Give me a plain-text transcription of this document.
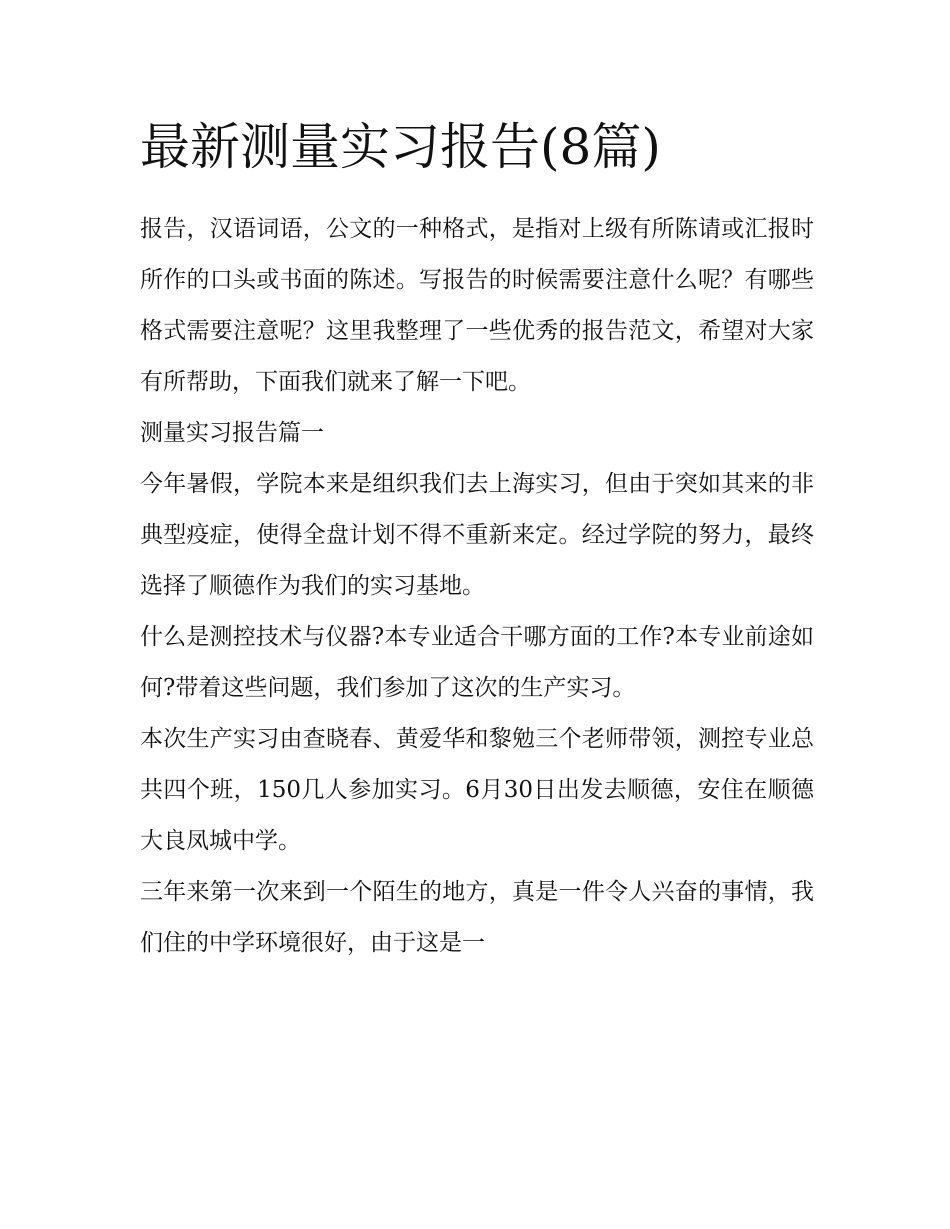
最新测量实习报告(8篇)

报告，汉语词语，公文的一种格式，是指对上级有所陈请或汇报时所作的口头或书面的陈述。写报告的时候需要注意什么呢？有哪些格式需要注意呢？这里我整理了一些优秀的报告范文，希望对大家有所帮助，下面我们就来了解一下吧。

测量实习报告篇一

今年暑假，学院本来是组织我们去上海实习，但由于突如其来的非典型疫症，使得全盘计划不得不重新来定。经过学院的努力，最终选择了顺德作为我们的实习基地。

什么是测控技术与仪器?本专业适合干哪方面的工作?本专业前途如何?带着这些问题，我们参加了这次的生产实习。

本次生产实习由查晓春、黄爱华和黎勉三个老师带领，测控专业总共四个班，150几人参加实习。6月30日出发去顺德，安住在顺德大良凤城中学。

三年来第一次来到一个陌生的地方，真是一件令人兴奋的事情，我们住的中学环境很好，由于这是一
